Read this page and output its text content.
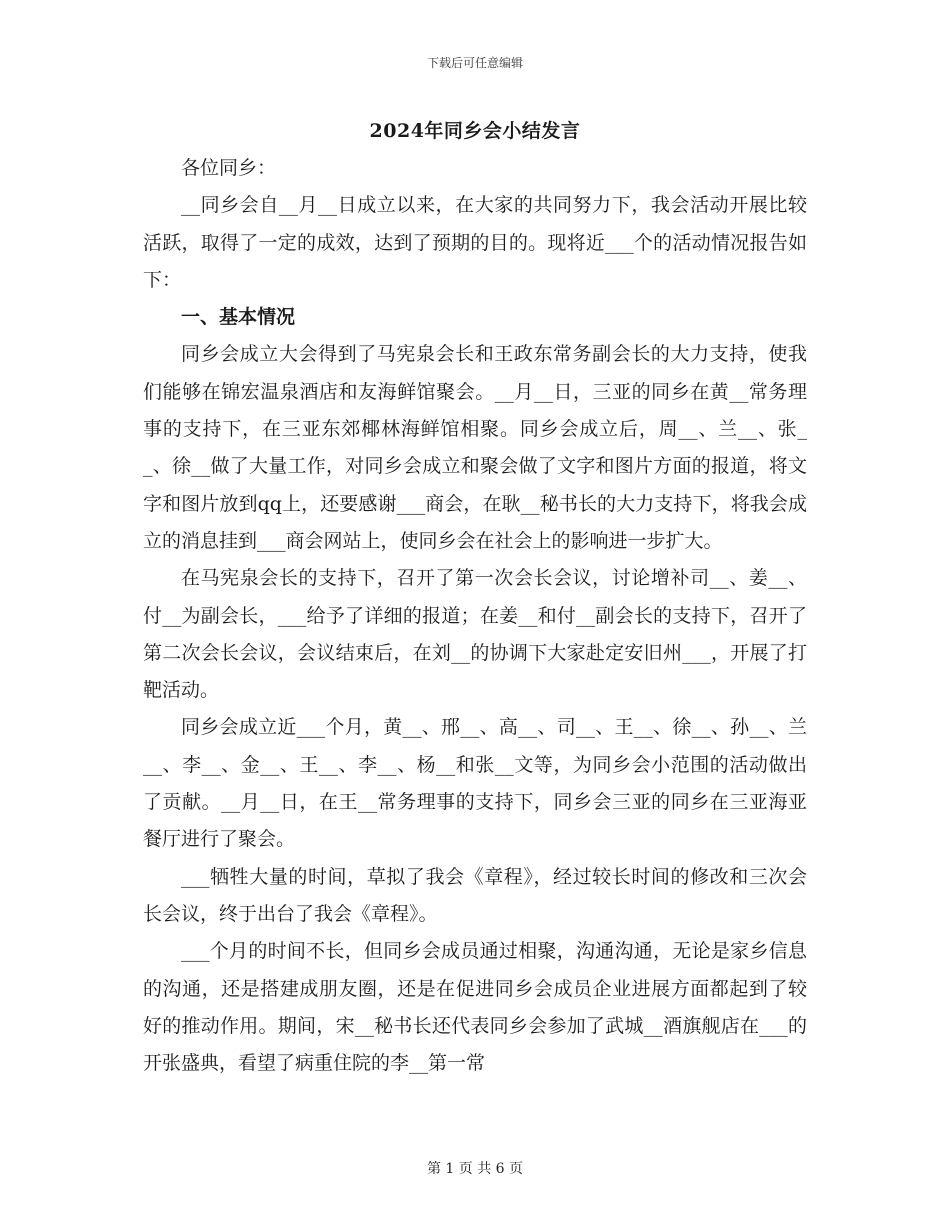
下载后可任意编辑
2024年同乡会小结发言

各位同乡：

__同乡会自__月__日成立以来，在大家的共同努力下，我会活动开展比较活跃，取得了一定的成效，达到了预期的目的。现将近___个的活动情况报告如下：

一、基本情况

同乡会成立大会得到了马宪泉会长和王政东常务副会长的大力支持，使我们能够在锦宏温泉酒店和友海鲜馆聚会。__月__日，三亚的同乡在黄__常务理事的支持下，在三亚东郊椰林海鲜馆相聚。同乡会成立后，周__、兰__、张__、徐__做了大量工作，对同乡会成立和聚会做了文字和图片方面的报道，将文字和图片放到qq上，还要感谢___商会，在耿__秘书长的大力支持下，将我会成立的消息挂到___商会网站上，使同乡会在社会上的影响进一步扩大。

在马宪泉会长的支持下，召开了第一次会长会议，讨论增补司__、姜__、付__为副会长，___给予了详细的报道；在姜__和付__副会长的支持下，召开了第二次会长会议，会议结束后，在刘__的协调下大家赴定安旧州___，开展了打靶活动。

同乡会成立近___个月，黄__、邢__、高__、司__、王__、徐__、孙__、兰__、李__、金__、王__、李__、杨__和张__文等，为同乡会小范围的活动做出了贡献。__月__日，在王__常务理事的支持下，同乡会三亚的同乡在三亚海亚餐厅进行了聚会。

___牺牲大量的时间，草拟了我会《章程》，经过较长时间的修改和三次会长会议，终于出台了我会《章程》。

___个月的时间不长，但同乡会成员通过相聚，沟通沟通，无论是家乡信息的沟通，还是搭建成朋友圈，还是在促进同乡会成员企业进展方面都起到了较好的推动作用。期间，宋__秘书长还代表同乡会参加了武城__酒旗舰店在___的开张盛典，看望了病重住院的李__第一常

第 1 页 共 6 页
